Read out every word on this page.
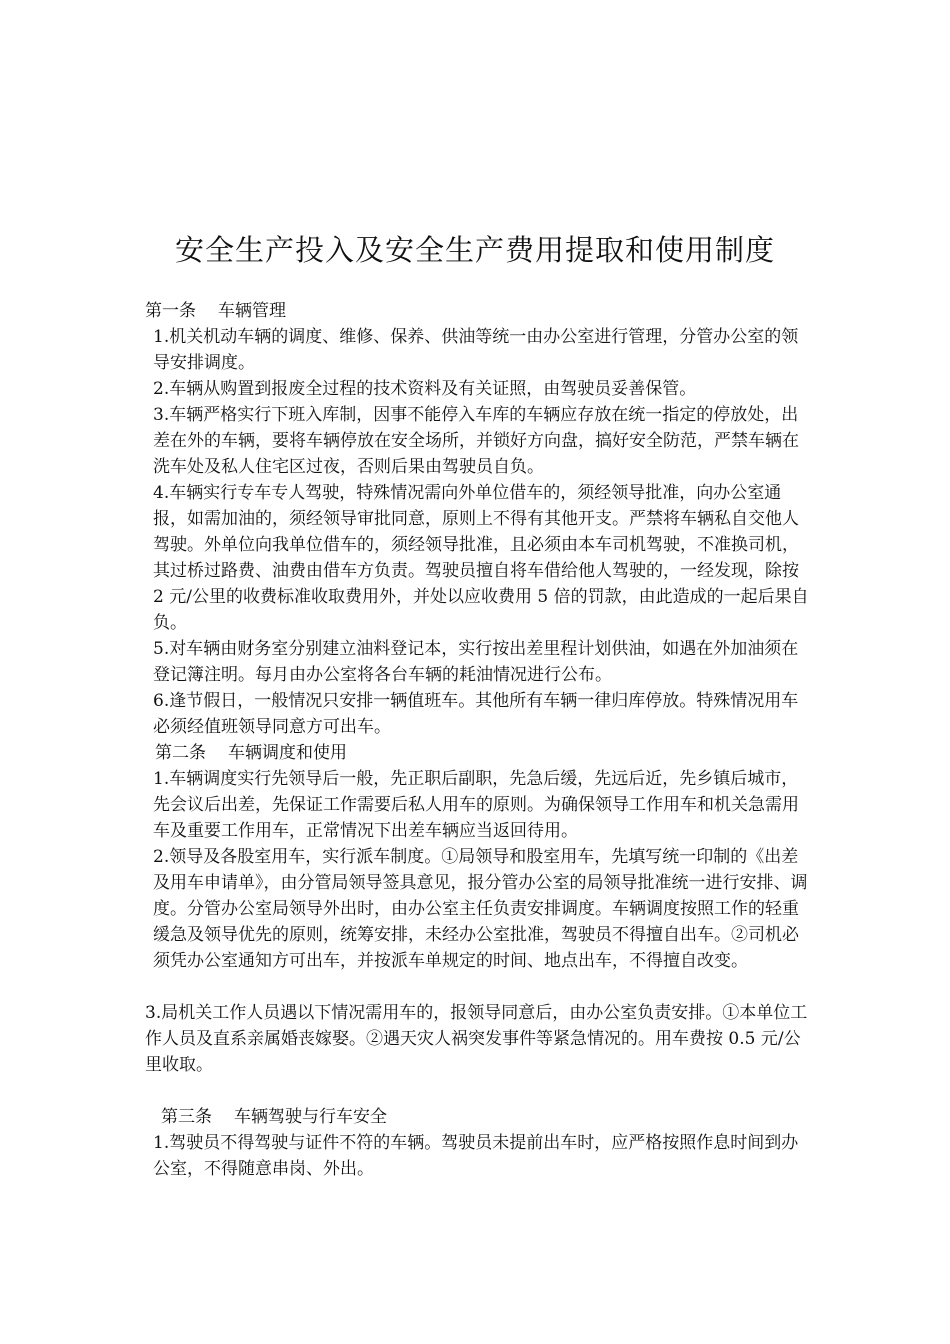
安全生产投入及安全生产费用提取和使用制度

第一条 车辆管理

1.机关机动车辆的调度、维修、保养、供油等统一由办公室进行管理，分管办公室的领导安排调度。

2.车辆从购置到报废全过程的技术资料及有关证照，由驾驶员妥善保管。

3.车辆严格实行下班入库制，因事不能停入车库的车辆应存放在统一指定的停放处，出差在外的车辆，要将车辆停放在安全场所，并锁好方向盘，搞好安全防范，严禁车辆在洗车处及私人住宅区过夜，否则后果由驾驶员自负。

4.车辆实行专车专人驾驶，特殊情况需向外单位借车的，须经领导批准，向办公室通报，如需加油的，须经领导审批同意，原则上不得有其他开支。严禁将车辆私自交他人驾驶。外单位向我单位借车的，须经领导批准，且必须由本车司机驾驶，不准换司机，其过桥过路费、油费由借车方负责。驾驶员擅自将车借给他人驾驶的，一经发现，除按 2 元/公里的收费标准收取费用外，并处以应收费用 5 倍的罚款，由此造成的一起后果自负。

5.对车辆由财务室分别建立油料登记本，实行按出差里程计划供油，如遇在外加油须在登记簿注明。每月由办公室将各台车辆的耗油情况进行公布。

6.逢节假日，一般情况只安排一辆值班车。其他所有车辆一律归库停放。特殊情况用车必须经值班领导同意方可出车。

第二条 车辆调度和使用

1.车辆调度实行先领导后一般，先正职后副职，先急后缓，先远后近，先乡镇后城市，先会议后出差，先保证工作需要后私人用车的原则。为确保领导工作用车和机关急需用车及重要工作用车，正常情况下出差车辆应当返回待用。

2.领导及各股室用车，实行派车制度。①局领导和股室用车，先填写统一印制的《出差及用车申请单》，由分管局领导签具意见，报分管办公室的局领导批准统一进行安排、调度。分管办公室局领导外出时，由办公室主任负责安排调度。车辆调度按照工作的轻重缓急及领导优先的原则，统筹安排，未经办公室批准，驾驶员不得擅自出车。②司机必须凭办公室通知方可出车，并按派车单规定的时间、地点出车，不得擅自改变。

3.局机关工作人员遇以下情况需用车的，报领导同意后，由办公室负责安排。①本单位工作人员及直系亲属婚丧嫁娶。②遇天灾人祸突发事件等紧急情况的。用车费按 0.5 元/公里收取。

第三条 车辆驾驶与行车安全

1.驾驶员不得驾驶与证件不符的车辆。驾驶员未提前出车时，应严格按照作息时间到办公室，不得随意串岗、外出。
